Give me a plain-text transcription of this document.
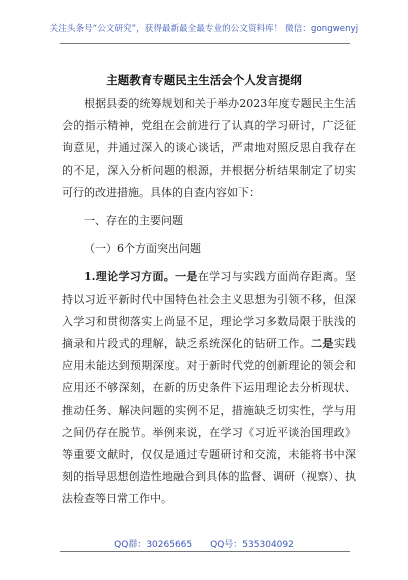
关注头条号“公文研究”，获得最新最全最专业的公文资料库！ 微信：gongwenyj
主题教育专题民主生活会个人发言提纲

根据县委的统筹规划和关于举办2023年度专题民主生活会的指示精神，党组在会前进行了认真的学习研讨，广泛征询意见，并通过深入的谈心谈话，严肃地对照反思自我存在的不足，深入分析问题的根源，并根据分析结果制定了切实可行的改进措施。具体的自查内容如下：

一、存在的主要问题

（一）6个方面突出问题

1.理论学习方面。一是在学习与实践方面尚存距离。坚持以习近平新时代中国特色社会主义思想为引领不移，但深入学习和贯彻落实上尚显不足，理论学习多数局限于肤浅的摘录和片段式的理解，缺乏系统深化的钻研工作。二是实践应用未能达到预期深度。对于新时代党的创新理论的领会和应用还不够深刻，在新的历史条件下运用理论去分析现状、推动任务、解决问题的实例不足，措施缺乏切实性，学与用之间仍存在脱节。举例来说，在学习《习近平谈治国理政》等重要文献时，仅仅是通过专题研讨和交流，未能将书中深刻的指导思想创造性地融合到具体的监督、调研（视察）、执法检查等日常工作中。

QQ群：30265665 QQ号：535304092
